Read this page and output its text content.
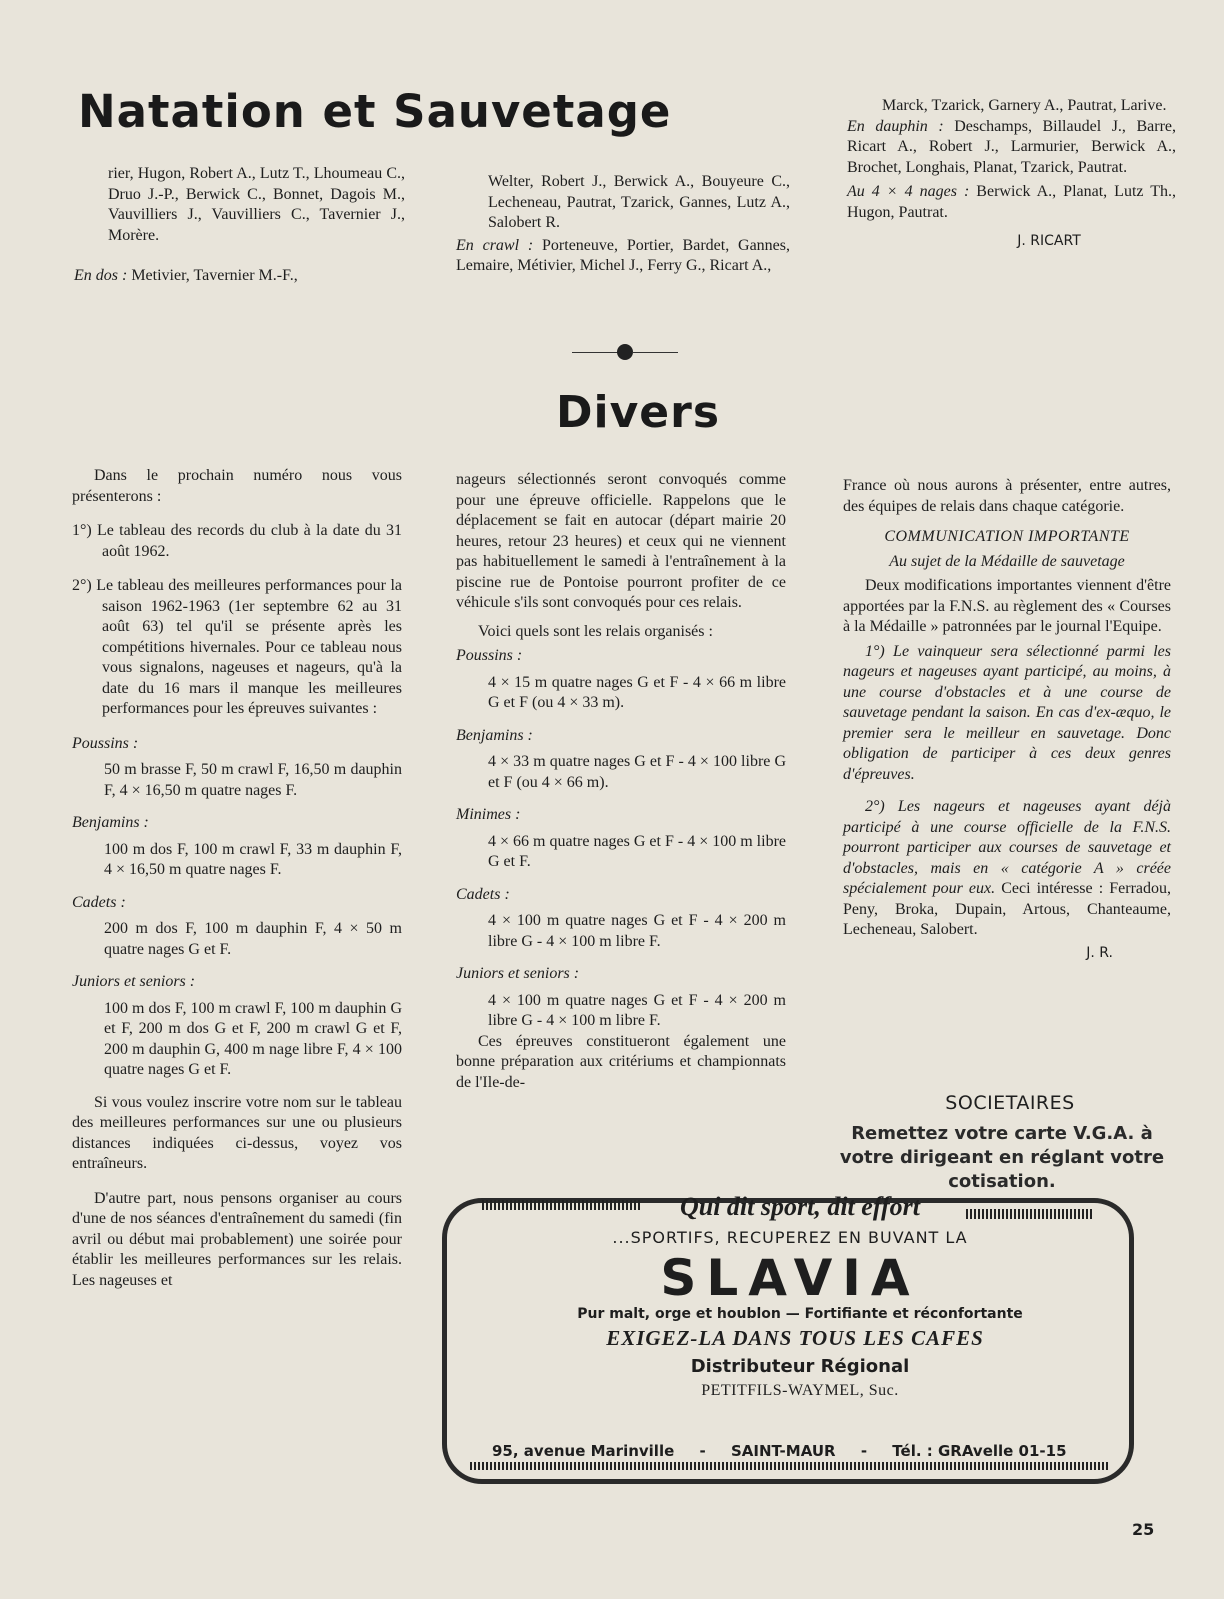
Natation et Sauvetage

rier, Hugon, Robert A., Lutz T., Lhoumeau C., Druo J.-P., Berwick C., Bonnet, Dagois M., Vauvilliers J., Vauvilliers C., Tavernier J., Morère.

En dos : Metivier, Tavernier M.-F.,

Welter, Robert J., Berwick A., Bouyeure C., Lecheneau, Pautrat, Tzarick, Gannes, Lutz A., Salobert R.

En crawl : Porteneuve, Portier, Bardet, Gannes, Lemaire, Métivier, Michel J., Ferry G., Ricart A.,

Marck, Tzarick, Garnery A., Pautrat, Larive.

En dauphin : Deschamps, Billaudel J., Barre, Ricart A., Robert J., Larmurier, Berwick A., Brochet, Longhais, Planat, Tzarick, Pautrat.

Au 4 × 4 nages : Berwick A., Planat, Lutz Th., Hugon, Pautrat.

J. RICART

Divers

Dans le prochain numéro nous vous présenterons :

1°) Le tableau des records du club à la date du 31 août 1962.

2°) Le tableau des meilleures performances pour la saison 1962-1963 (1er septembre 62 au 31 août 63) tel qu'il se présente après les compétitions hivernales. Pour ce tableau nous vous signalons, nageuses et nageurs, qu'à la date du 16 mars il manque les meilleures performances pour les épreuves suivantes :

Poussins :

50 m brasse F, 50 m crawl F, 16,50 m dauphin F, 4 × 16,50 m quatre nages F.

Benjamins :

100 m dos F, 100 m crawl F, 33 m dauphin F, 4 × 16,50 m quatre nages F.

Cadets :

200 m dos F, 100 m dauphin F, 4 × 50 m quatre nages G et F.

Juniors et seniors :

100 m dos F, 100 m crawl F, 100 m dauphin G et F, 200 m dos G et F, 200 m crawl G et F, 200 m dauphin G, 400 m nage libre F, 4 × 100 quatre nages G et F.

Si vous voulez inscrire votre nom sur le tableau des meilleures performances sur une ou plusieurs distances indiquées ci-dessus, voyez vos entraîneurs.

D'autre part, nous pensons organiser au cours d'une de nos séances d'entraînement du samedi (fin avril ou début mai probablement) une soirée pour établir les meilleures performances sur les relais. Les nageuses et

nageurs sélectionnés seront convoqués comme pour une épreuve officielle. Rappelons que le déplacement se fait en autocar (départ mairie 20 heures, retour 23 heures) et ceux qui ne viennent pas habituellement le samedi à l'entraînement à la piscine rue de Pontoise pourront profiter de ce véhicule s'ils sont convoqués pour ces relais.

Voici quels sont les relais organisés :

Poussins :

4 × 15 m quatre nages G et F - 4 × 66 m libre G et F (ou 4 × 33 m).

Benjamins :

4 × 33 m quatre nages G et F - 4 × 100 libre G et F (ou 4 × 66 m).

Minimes :

4 × 66 m quatre nages G et F - 4 × 100 m libre G et F.

Cadets :

4 × 100 m quatre nages G et F - 4 × 200 m libre G - 4 × 100 m libre F.

Juniors et seniors :

4 × 100 m quatre nages G et F - 4 × 200 m libre G - 4 × 100 m libre F.

Ces épreuves constitueront également une bonne préparation aux critériums et championnats de l'Ile-de-

France où nous aurons à présenter, entre autres, des équipes de relais dans chaque catégorie.

COMMUNICATION IMPORTANTE

Au sujet de la Médaille de sauvetage

Deux modifications importantes viennent d'être apportées par la F.N.S. au règlement des « Courses à la Médaille » patronnées par le journal l'Equipe.

1°) Le vainqueur sera sélectionné parmi les nageurs et nageuses ayant participé, au moins, à une course d'obstacles et à une course de sauvetage pendant la saison. En cas d'ex-æquo, le premier sera le meilleur en sauvetage. Donc obligation de participer à ces deux genres d'épreuves.

2°) Les nageurs et nageuses ayant déjà participé à une course officielle de la F.N.S. pourront participer aux courses de sauvetage et d'obstacles, mais en « catégorie A » créée spécialement pour eux. Ceci intéresse : Ferradou, Peny, Broka, Dupain, Artous, Chanteaume, Lecheneau, Salobert.

J. R.

SOCIETAIRES
Remettez votre carte V.G.A. à votre dirigeant en réglant votre cotisation.
Qui dit sport, dit effort
...SPORTIFS, RECUPEREZ EN BUVANT LA
SLAVIA
Pur malt, orge et houblon — Fortifiante et réconfortante
EXIGEZ-LA DANS TOUS LES CAFES
Distributeur Régional
PETITFILS-WAYMEL, Suc.
95, avenue Marinville - SAINT-MAUR - Tél. : GRAvelle 01-15
25
